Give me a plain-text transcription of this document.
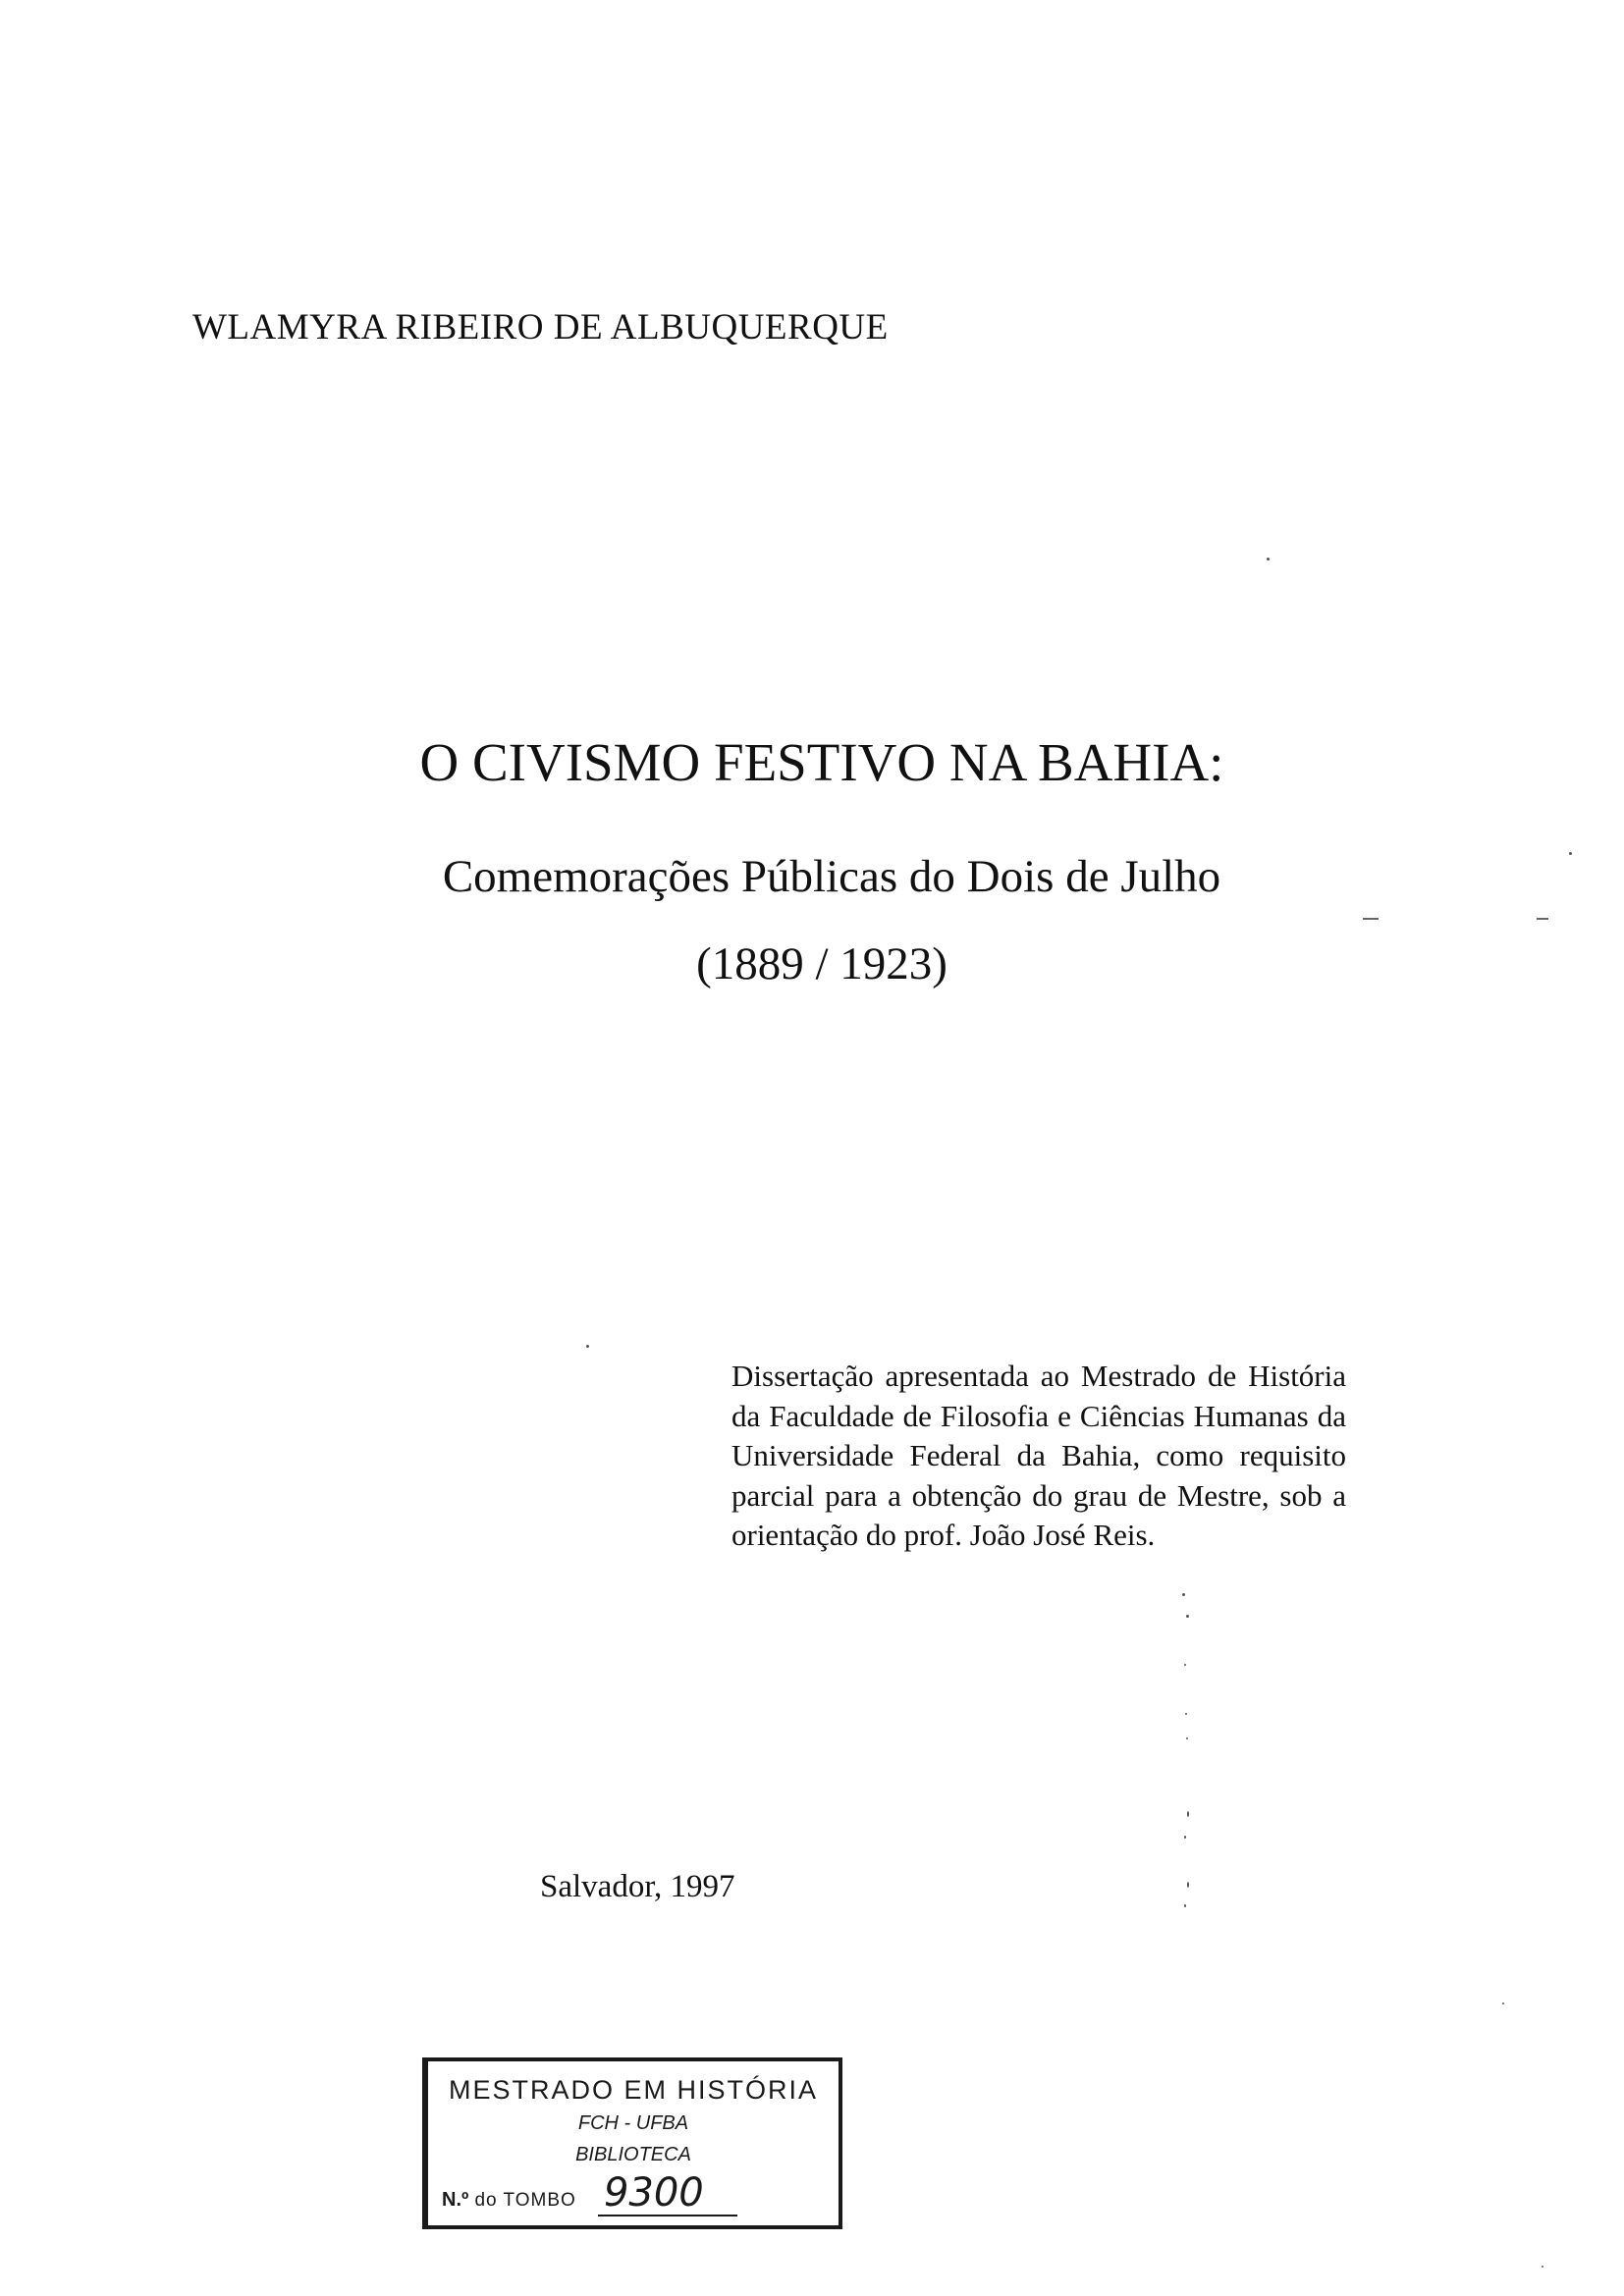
WLAMYRA RIBEIRO DE ALBUQUERQUE
O CIVISMO FESTIVO NA BAHIA:
Comemorações Públicas do Dois de Julho
(1889 / 1923)
Dissertação apresentada ao Mestrado de História da Faculdade de Filosofia e Ciências Humanas da Universidade Federal da Bahia, como requisito parcial para a obtenção do grau de Mestre, sob a orientação do prof. João José Reis.
Salvador, 1997
MESTRADO EM HISTÓRIA
FCH - UFBA
BIBLIOTECA
N.º do TOMBO 9300
